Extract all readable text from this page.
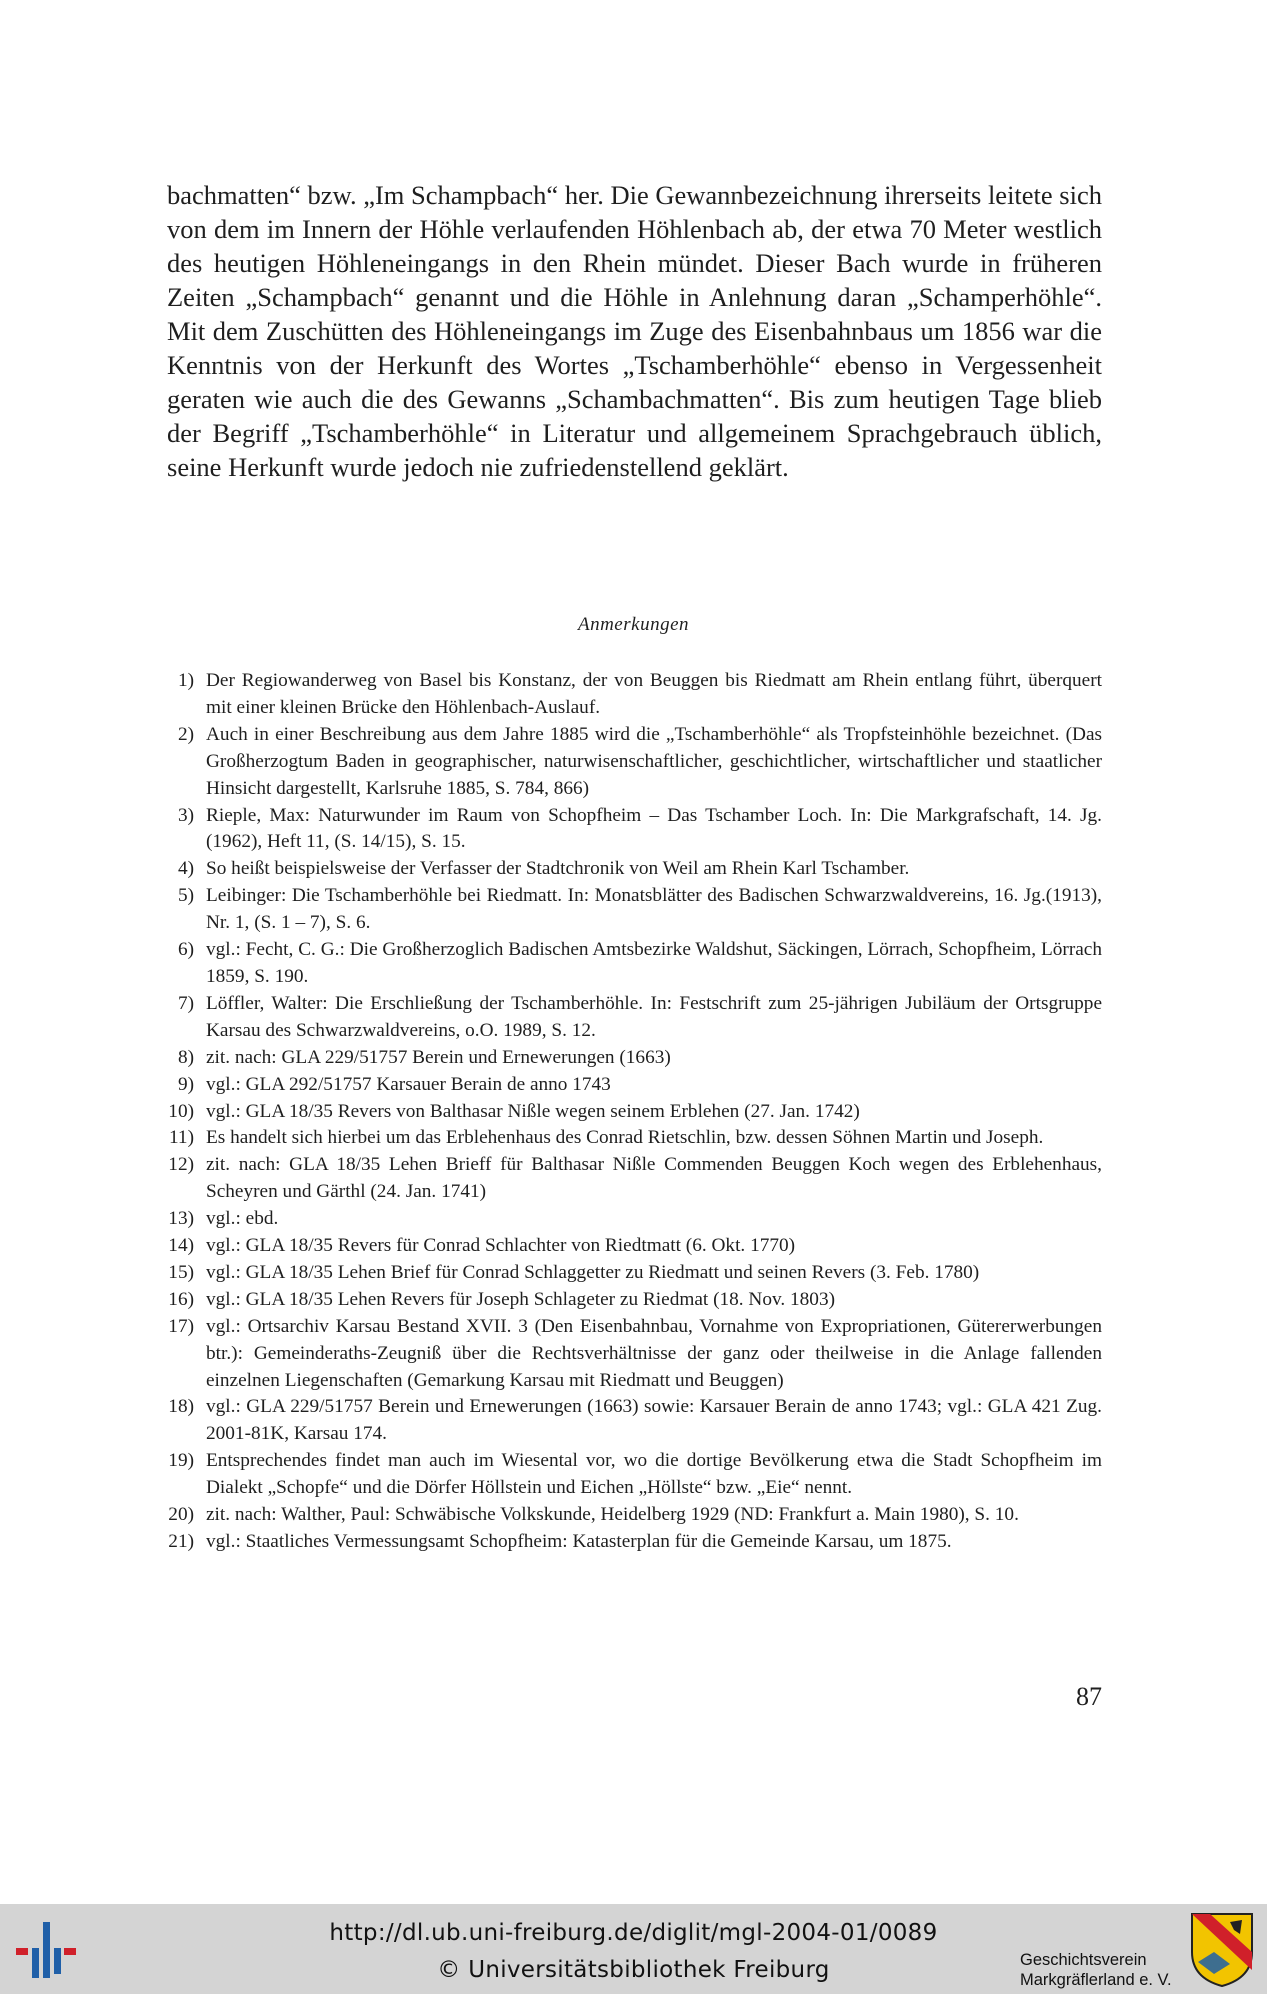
bachmatten“ bzw. „Im Schampbach“ her. Die Gewannbezeichnung ihrerseits leitete sich von dem im Innern der Höhle verlaufenden Höhlenbach ab, der etwa 70 Meter westlich des heutigen Höhleneingangs in den Rhein mündet. Dieser Bach wurde in früheren Zeiten „Schampbach“ genannt und die Höhle in Anlehnung daran „Schamperhöhle“. Mit dem Zuschütten des Höhleneingangs im Zuge des Eisenbahnbaus um 1856 war die Kenntnis von der Herkunft des Wortes „Tschamberhöhle“ ebenso in Vergessenheit geraten wie auch die des Gewanns „Schambachmatten“. Bis zum heutigen Tage blieb der Begriff „Tschamberhöhle“ in Literatur und allgemeinem Sprachgebrauch üblich, seine Herkunft wurde jedoch nie zufriedenstellend geklärt.

Anmerkungen

1) Der Regiowanderweg von Basel bis Konstanz, der von Beuggen bis Riedmatt am Rhein entlang führt, überquert mit einer kleinen Brücke den Höhlenbach-Auslauf.
2) Auch in einer Beschreibung aus dem Jahre 1885 wird die „Tschamberhöhle“ als Tropfsteinhöhle bezeichnet. (Das Großherzogtum Baden in geographischer, naturwisenschaftlicher, geschichtlicher, wirtschaftlicher und staatlicher Hinsicht dargestellt, Karlsruhe 1885, S. 784, 866)
3) Rieple, Max: Naturwunder im Raum von Schopfheim – Das Tschamber Loch. In: Die Markgrafschaft, 14. Jg.(1962), Heft 11, (S. 14/15), S. 15.
4) So heißt beispielsweise der Verfasser der Stadtchronik von Weil am Rhein Karl Tschamber.
5) Leibinger: Die Tschamberhöhle bei Riedmatt. In: Monatsblätter des Badischen Schwarzwaldvereins, 16. Jg.(1913), Nr. 1, (S. 1 – 7), S. 6.
6) vgl.: Fecht, C. G.: Die Großherzoglich Badischen Amtsbezirke Waldshut, Säckingen, Lörrach, Schopfheim, Lörrach 1859, S. 190.
7) Löffler, Walter: Die Erschließung der Tschamberhöhle. In: Festschrift zum 25-jährigen Jubiläum der Ortsgruppe Karsau des Schwarzwaldvereins, o.O. 1989, S. 12.
8) zit. nach: GLA 229/51757 Berein und Ernewerungen (1663)
9) vgl.: GLA 292/51757 Karsauer Berain de anno 1743
10) vgl.: GLA 18/35 Revers von Balthasar Nißle wegen seinem Erblehen (27. Jan. 1742)
11) Es handelt sich hierbei um das Erblehenhaus des Conrad Rietschlin, bzw. dessen Söhnen Martin und Joseph.
12) zit. nach: GLA 18/35 Lehen Brieff für Balthasar Nißle Commenden Beuggen Koch wegen des Erblehenhaus, Scheyren und Gärthl (24. Jan. 1741)
13) vgl.: ebd.
14) vgl.: GLA 18/35 Revers für Conrad Schlachter von Riedtmatt (6. Okt. 1770)
15) vgl.: GLA 18/35 Lehen Brief für Conrad Schlaggetter zu Riedmatt und seinen Revers (3. Feb. 1780)
16) vgl.: GLA 18/35 Lehen Revers für Joseph Schlageter zu Riedmat (18. Nov. 1803)
17) vgl.: Ortsarchiv Karsau Bestand XVII. 3 (Den Eisenbahnbau, Vornahme von Expropriationen, Gütererwerbungen btr.): Gemeinderaths-Zeugniß über die Rechtsverhältnisse der ganz oder theilweise in die Anlage fallenden einzelnen Liegenschaften (Gemarkung Karsau mit Riedmatt und Beuggen)
18) vgl.: GLA 229/51757 Berein und Ernewerungen (1663) sowie: Karsauer Berain de anno 1743; vgl.: GLA 421 Zug. 2001-81K, Karsau 174.
19) Entsprechendes findet man auch im Wiesental vor, wo die dortige Bevölkerung etwa die Stadt Schopfheim im Dialekt „Schopfe“ und die Dörfer Höllstein und Eichen „Höllste“ bzw. „Eie“ nennt.
20) zit. nach: Walther, Paul: Schwäbische Volkskunde, Heidelberg 1929 (ND: Frankfurt a. Main 1980), S. 10.
21) vgl.: Staatliches Vermessungsamt Schopfheim: Katasterplan für die Gemeinde Karsau, um 1875.

87

http://dl.ub.uni-freiburg.de/diglit/mgl-2004-01/0089
© Universitätsbibliothek Freiburg	Geschichtsverein
Markgräflerland e. V.
